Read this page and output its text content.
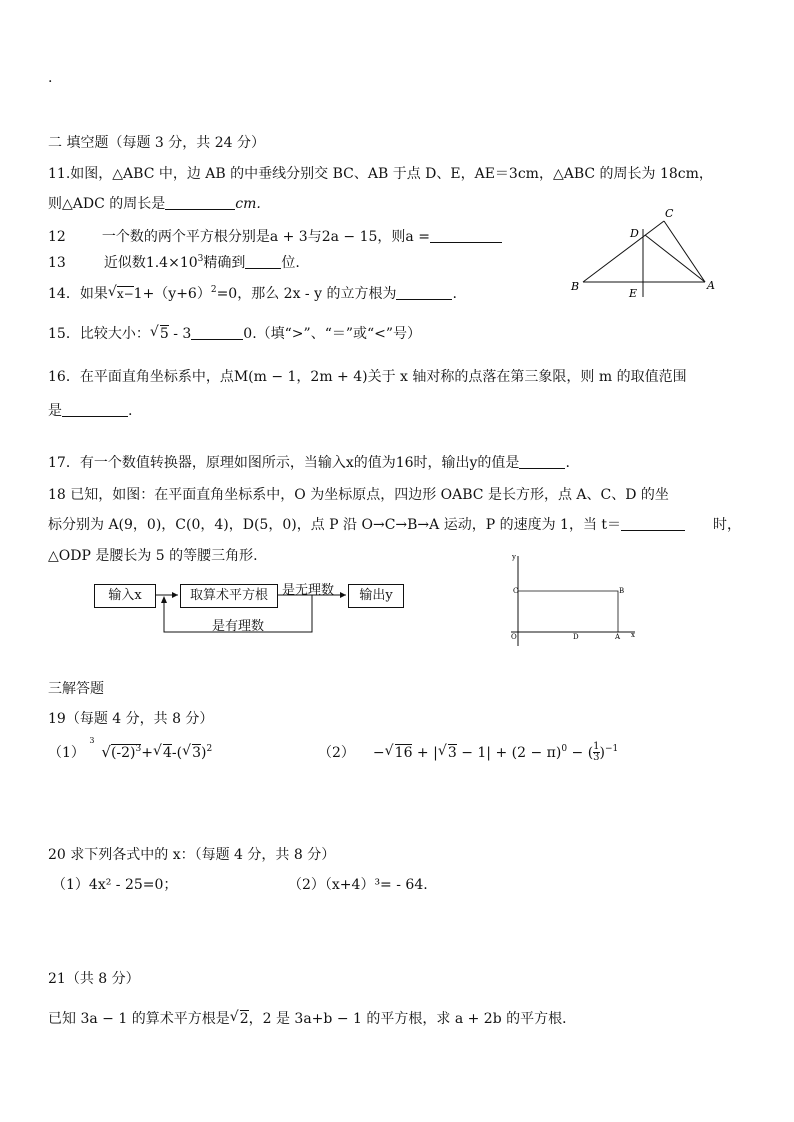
.
二 填空题（每题 3 分，共 24 分）
11.如图，△ABC 中，边 AB 的中垂线分别交 BC、AB 于点 D、E，AE＝3cm，△ABC 的周长为 18cm，
则△ADC 的周长是	cm.
12	一个数的两个平方根分别是a + 3与2a − 15，则a =
13	近似数$1.4\times 10^3$精确到	位.
14．如果 √ $x-1+(y+6)^2=0$，那么 2x - y 的立方根为	.	B	A
C
D
E
15．比较大小： √ 5 - 3	0.（填“>”、“＝”或“<”号）
16．在平面直角坐标系中，点M(m − 1，2m + 4)关于 x 轴对称的点落在第三象限，则 m 的取值范围
是	.
17．有一个数值转换器，原理如图所示，当输入x的值为16时，输出y的值是	.
18 已知，如图：在平面直角坐标系中，O 为坐标原点，四边形 OABC 是长方形，点 A、C、D 的坐
标分别为 A(9，0)，C(0，4)，D(5，0)，点 P 沿 O→C→B→A 运动，P 的速度为 1，当 t＝	时，
△ODP 是腰长为 5 的等腰三角形.
输入x	取算术平方根	输出y
是无理数
是有理数
y
x
O
C	B
D	A
三解答题
19（每题 4 分，共 8 分）
（1）
3
$√(-2)^3+$ √ 4-( √ 3)$^2$	（2） − √ 16 + | √ $3 - 1| + (2 - \pi)^0$ − ( $\frac{1}{3} )^{-1}$
20 求下列各式中的 x：（每题 4 分，共 8 分）
（1）4x² - 25=0；	（2）（x+4）³= - 64.
21（共 8 分）
已知 3a − 1 的算术平方根是 √ 2，2 是 3a+b − 1 的平方根，求 a + 2b 的平方根．
